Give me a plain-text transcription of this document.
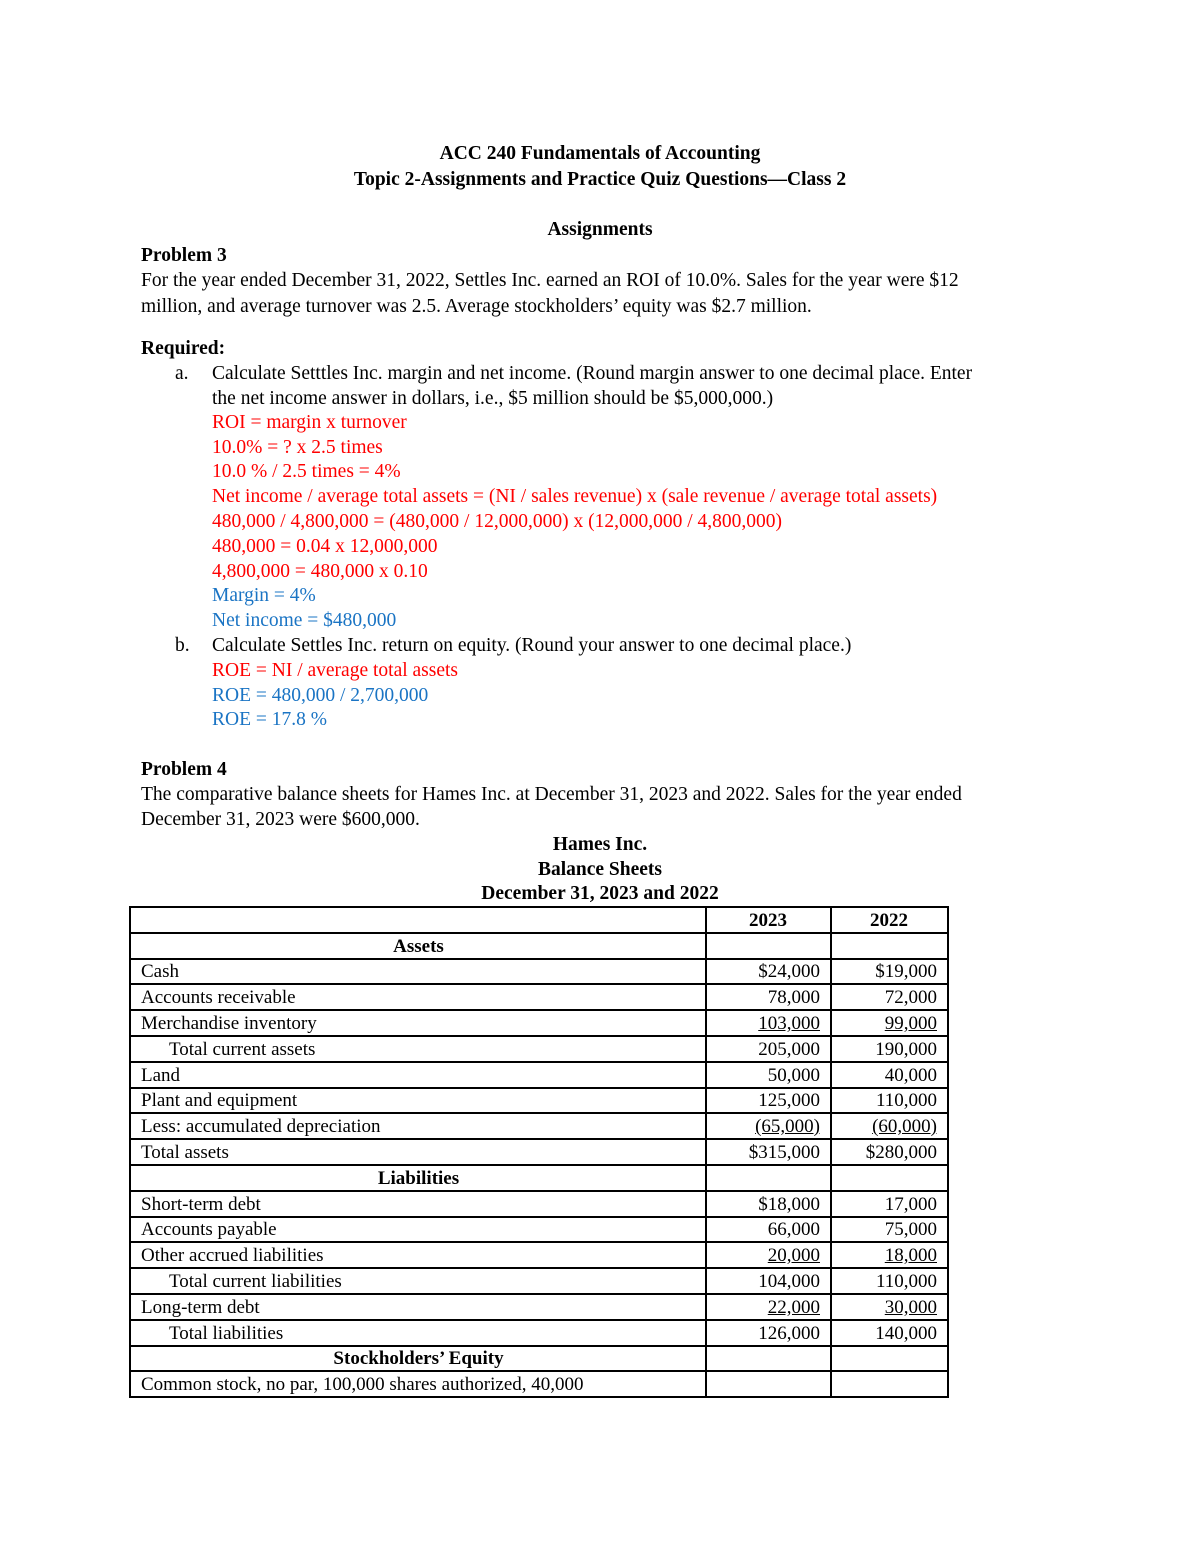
ACC 240 Fundamentals of Accounting
Topic 2-Assignments and Practice Quiz Questions—Class 2
Assignments
Problem 3
For the year ended December 31, 2022, Settles Inc. earned an ROI of 10.0%. Sales for the year were $12
million, and average turnover was 2.5. Average stockholders’ equity was $2.7 million.
Required:
a. Calculate Setttles Inc. margin and net income. (Round margin answer to one decimal place. Enter
the net income answer in dollars, i.e., $5 million should be $5,000,000.)
ROI = margin x turnover
10.0% = ? x 2.5 times
10.0 % / 2.5 times = 4%
Net income / average total assets = (NI / sales revenue) x (sale revenue / average total assets)
480,000 / 4,800,000 = (480,000 / 12,000,000) x (12,000,000 / 4,800,000)
480,000 = 0.04 x 12,000,000
4,800,000 = 480,000 x 0.10
Margin = 4%
Net income = $480,000
b. Calculate Settles Inc. return on equity. (Round your answer to one decimal place.)
ROE = NI / average total assets
ROE = 480,000 / 2,700,000
ROE = 17.8 %
Problem 4
The comparative balance sheets for Hames Inc. at December 31, 2023 and 2022. Sales for the year ended
December 31, 2023 were $600,000.
Hames Inc.
Balance Sheets
December 31, 2023 and 2022
	2023	2022
Assets		
Cash	$24,000	$19,000
Accounts receivable	78,000	72,000
Merchandise inventory	103,000	99,000
Total current assets	205,000	190,000
Land	50,000	40,000
Plant and equipment	125,000	110,000
Less: accumulated depreciation	(65,000)	(60,000)
Total assets	$315,000	$280,000
Liabilities		
Short-term debt	$18,000	17,000
Accounts payable	66,000	75,000
Other accrued liabilities	20,000	18,000
Total current liabilities	104,000	110,000
Long-term debt	22,000	30,000
Total liabilities	126,000	140,000
Stockholders’ Equity		
Common stock, no par, 100,000 shares authorized, 40,000		
